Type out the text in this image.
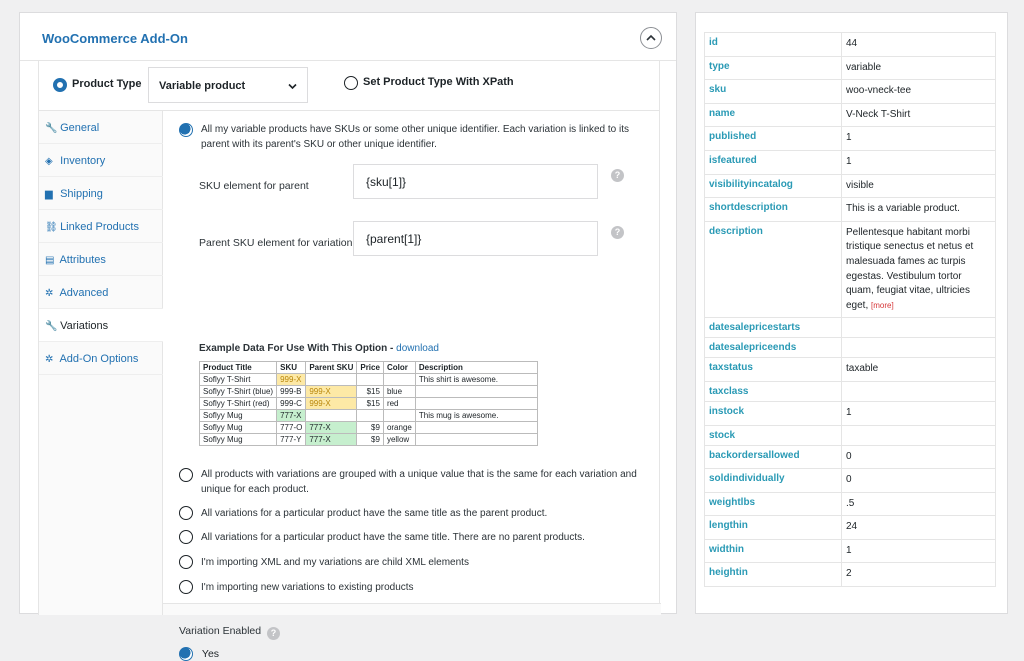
WooCommerce Add-On
Product Type Variable product	Set Product Type With XPath
🔧 General
◈ Inventory
▆ Shipping
⛓ Linked Products
▤ Attributes
✲ Advanced
🔧 Variations
✲ Add-On Options
All my variable products have SKUs or some other unique identifier. Each variation is linked to its parent with its parent's SKU or other unique identifier.
SKU element for parent	{sku[1]}	?
Parent SKU element for variation	{parent[1]}	?
Example Data For Use With This Option - download
Product Title	SKU	Parent SKU	Price	Color	Description
Soflyy T-Shirt	999-X				This shirt is awesome.
Soflyy T-Shirt (blue)	999-B	999-X	$15	blue	
Soflyy T-Shirt (red)	999-C	999-X	$15	red	
Soflyy Mug	777-X				This mug is awesome.
Soflyy Mug	777-O	777-X	$9	orange	
Soflyy Mug	777-Y	777-X	$9	yellow	
All products with variations are grouped with a unique value that is the same for each variation and unique for each product.
All variations for a particular product have the same title as the parent product.
All variations for a particular product have the same title. There are no parent products.
I'm importing XML and my variations are child XML elements
I'm importing new variations to existing products
Variation Enabled ?
Yes
id	44
type	variable
sku	woo-vneck-tee
name	V-Neck T-Shirt
published	1
isfeatured	1
visibilityincatalog	visible
shortdescription	This is a variable product.
description	Pellentesque habitant morbi tristique senectus et netus et malesuada fames ac turpis egestas. Vestibulum tortor quam, feugiat vitae, ultricies eget, [more]
datesalepricestarts	
datesalepriceends	
taxstatus	taxable
taxclass	
instock	1
stock	
backordersallowed	0
soldindividually	0
weightlbs	.5
lengthin	24
widthin	1
heightin	2
